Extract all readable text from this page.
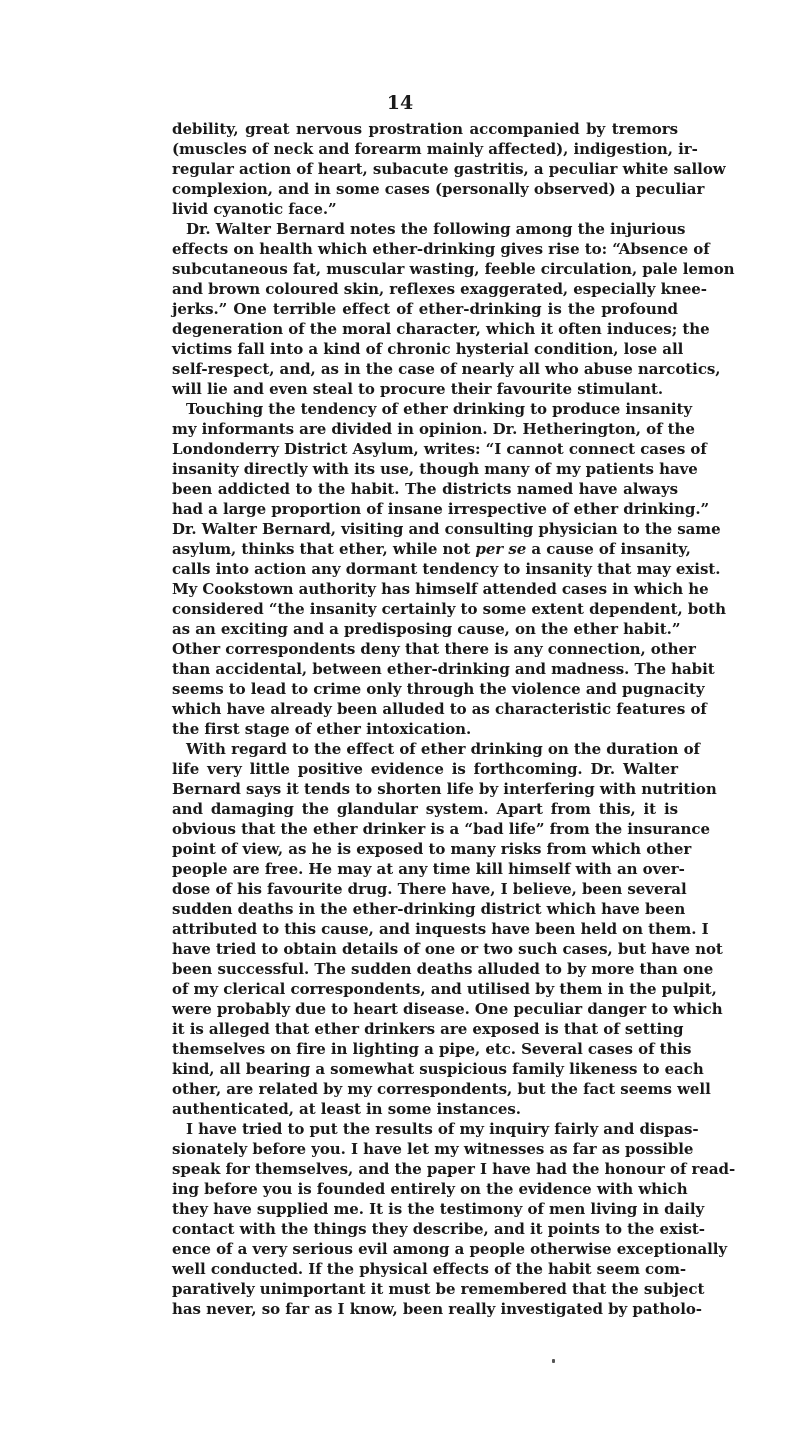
14
debility, great nervous prostration accompanied by tremors
(muscles of neck and forearm mainly affected), indigestion, ir-
regular action of heart, subacute gastritis, a peculiar white sallow
complexion, and in some cases (personally observed) a peculiar
livid cyanotic face.”
Dr. Walter Bernard notes the following among the injurious
effects on health which ether-drinking gives rise to: “Absence of
subcutaneous fat, muscular wasting, feeble circulation, pale lemon
and brown coloured skin, reflexes exaggerated, especially knee-
jerks.” One terrible effect of ether-drinking is the profound
degeneration of the moral character, which it often induces; the
victims fall into a kind of chronic hysterial condition, lose all
self-respect, and, as in the case of nearly all who abuse narcotics,
will lie and even steal to procure their favourite stimulant.
Touching the tendency of ether drinking to produce insanity
my informants are divided in opinion. Dr. Hetherington, of the
Londonderry District Asylum, writes: “I cannot connect cases of
insanity directly with its use, though many of my patients have
been addicted to the habit. The districts named have always
had a large proportion of insane irrespective of ether drinking.”
Dr. Walter Bernard, visiting and consulting physician to the same
asylum, thinks that ether, while not per se a cause of insanity,
calls into action any dormant tendency to insanity that may exist.
My Cookstown authority has himself attended cases in which he
considered “the insanity certainly to some extent dependent, both
as an exciting and a predisposing cause, on the ether habit.”
Other correspondents deny that there is any connection, other
than accidental, between ether-drinking and madness. The habit
seems to lead to crime only through the violence and pugnacity
which have already been alluded to as characteristic features of
the first stage of ether intoxication.
With regard to the effect of ether drinking on the duration of
life very little positive evidence is forthcoming. Dr. Walter
Bernard says it tends to shorten life by interfering with nutrition
and damaging the glandular system. Apart from this, it is
obvious that the ether drinker is a “bad life” from the insurance
point of view, as he is exposed to many risks from which other
people are free. He may at any time kill himself with an over-
dose of his favourite drug. There have, I believe, been several
sudden deaths in the ether-drinking district which have been
attributed to this cause, and inquests have been held on them. I
have tried to obtain details of one or two such cases, but have not
been successful. The sudden deaths alluded to by more than one
of my clerical correspondents, and utilised by them in the pulpit,
were probably due to heart disease. One peculiar danger to which
it is alleged that ether drinkers are exposed is that of setting
themselves on fire in lighting a pipe, etc. Several cases of this
kind, all bearing a somewhat suspicious family likeness to each
other, are related by my correspondents, but the fact seems well
authenticated, at least in some instances.
I have tried to put the results of my inquiry fairly and dispas-
sionately before you. I have let my witnesses as far as possible
speak for themselves, and the paper I have had the honour of read-
ing before you is founded entirely on the evidence with which
they have supplied me. It is the testimony of men living in daily
contact with the things they describe, and it points to the exist-
ence of a very serious evil among a people otherwise exceptionally
well conducted. If the physical effects of the habit seem com-
paratively unimportant it must be remembered that the subject
has never, so far as I know, been really investigated by patholo-
